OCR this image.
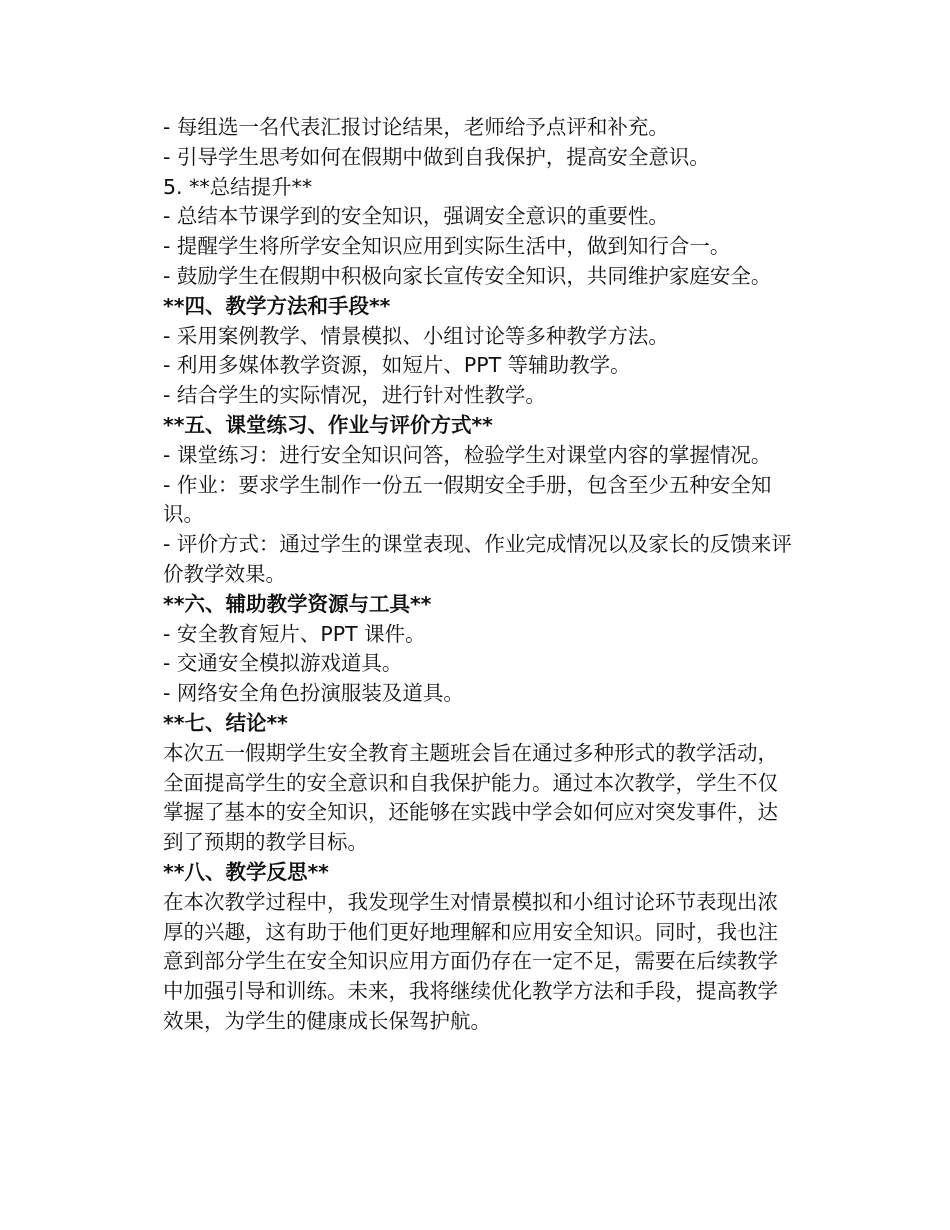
- 每组选一名代表汇报讨论结果，老师给予点评和补充。

- 引导学生思考如何在假期中做到自我保护，提高安全意识。

5. **总结提升**

- 总结本节课学到的安全知识，强调安全意识的重要性。

- 提醒学生将所学安全知识应用到实际生活中，做到知行合一。

- 鼓励学生在假期中积极向家长宣传安全知识，共同维护家庭安全。

**四、教学方法和手段**

- 采用案例教学、情景模拟、小组讨论等多种教学方法。

- 利用多媒体教学资源，如短片、PPT 等辅助教学。

- 结合学生的实际情况，进行针对性教学。

**五、课堂练习、作业与评价方式**

- 课堂练习：进行安全知识问答，检验学生对课堂内容的掌握情况。

- 作业：要求学生制作一份五一假期安全手册，包含至少五种安全知识。

- 评价方式：通过学生的课堂表现、作业完成情况以及家长的反馈来评价教学效果。

**六、辅助教学资源与工具**

- 安全教育短片、PPT 课件。

- 交通安全模拟游戏道具。

- 网络安全角色扮演服装及道具。

**七、结论**

本次五一假期学生安全教育主题班会旨在通过多种形式的教学活动，全面提高学生的安全意识和自我保护能力。通过本次教学，学生不仅掌握了基本的安全知识，还能够在实践中学会如何应对突发事件，达到了预期的教学目标。

**八、教学反思**

在本次教学过程中，我发现学生对情景模拟和小组讨论环节表现出浓厚的兴趣，这有助于他们更好地理解和应用安全知识。同时，我也注意到部分学生在安全知识应用方面仍存在一定不足，需要在后续教学中加强引导和训练。未来，我将继续优化教学方法和手段，提高教学效果，为学生的健康成长保驾护航。
